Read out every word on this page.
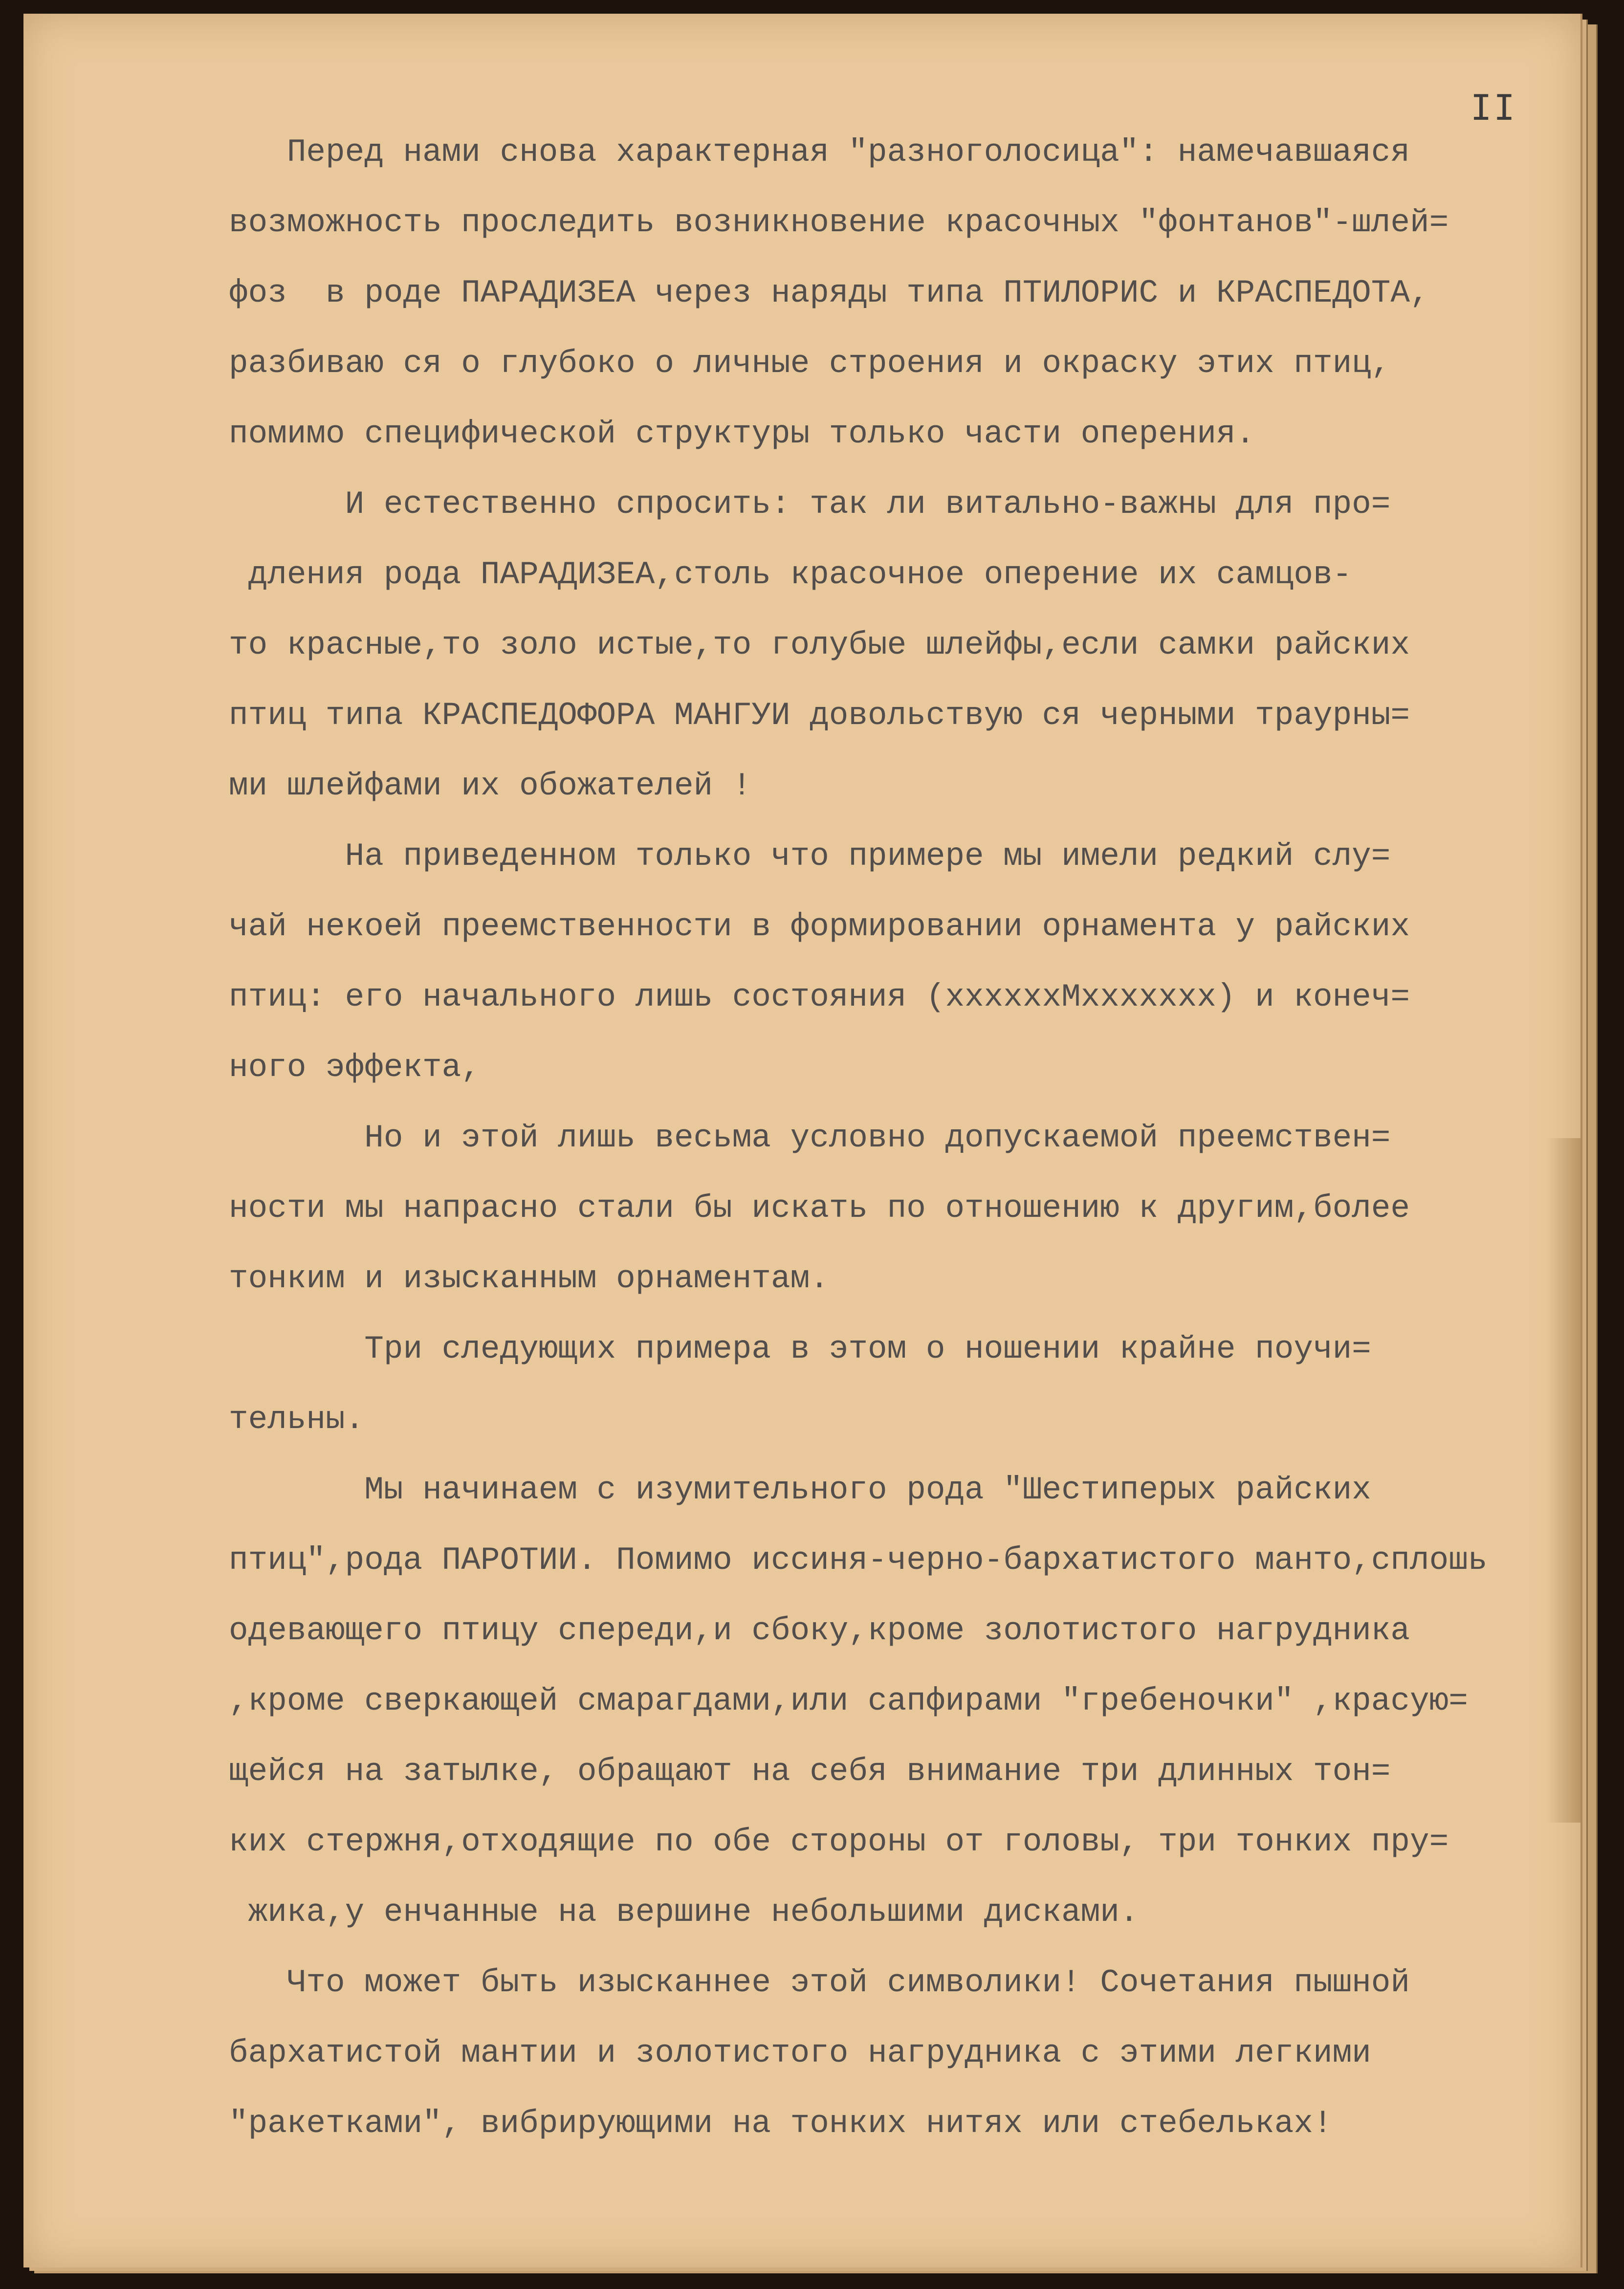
II
Перед нами снова характерная "разноголосица": намечавшаяся
возможность проследить возникновение красочных "фонтанов"-шлей=
фоз  в роде ПАРАДИЗЕА через наряды типа ПТИЛОРИС и КРАСПЕДОТА,
разбиваю ся о глубоко о личные строения и окраску этих птиц,
помимо специфической структуры только части оперения.
И естественно спросить: так ли витально-важны для про=
дления рода ПАРАДИЗЕА,столь красочное оперение их самцов-
то красные,то золо истые,то голубые шлейфы,если самки райских
птиц типа КРАСПЕДОФОРА МАНГУИ довольствую ся черными траурны=
ми шлейфами их обожателей !
На приведенном только что примере мы имели редкий слу=
чай некоей преемственности в формировании орнамента у райских
птиц: его начального лишь состояния (xxxxxxMxxxxxxx) и конеч=
ного эффекта,
Но и этой лишь весьма условно допускаемой преемствен=
ности мы напрасно стали бы искать по отношению к другим,более
тонким и изысканным орнаментам.
Три следующих примера в этом о ношении крайне поучи=
тельны.
Мы начинаем с изумительного рода "Шестиперых райских
птиц",рода ПАРОТИИ. Помимо иссиня-черно-бархатистого манто,сплошь
одевающего птицу спереди,и сбоку,кроме золотистого нагрудника
,кроме сверкающей смарагдами,или сапфирами "гребеночки" ,красую=
щейся на затылке, обращают на себя внимание три длинных тон=
ких стержня,отходящие по обе стороны от головы, три тонких пру=
жика,у енчанные на вершине небольшими дисками.
Что может быть изысканнее этой символики! Сочетания пышной
бархатистой мантии и золотистого нагрудника с этими легкими
"ракетками", вибрирующими на тонких нитях или стебельках!
